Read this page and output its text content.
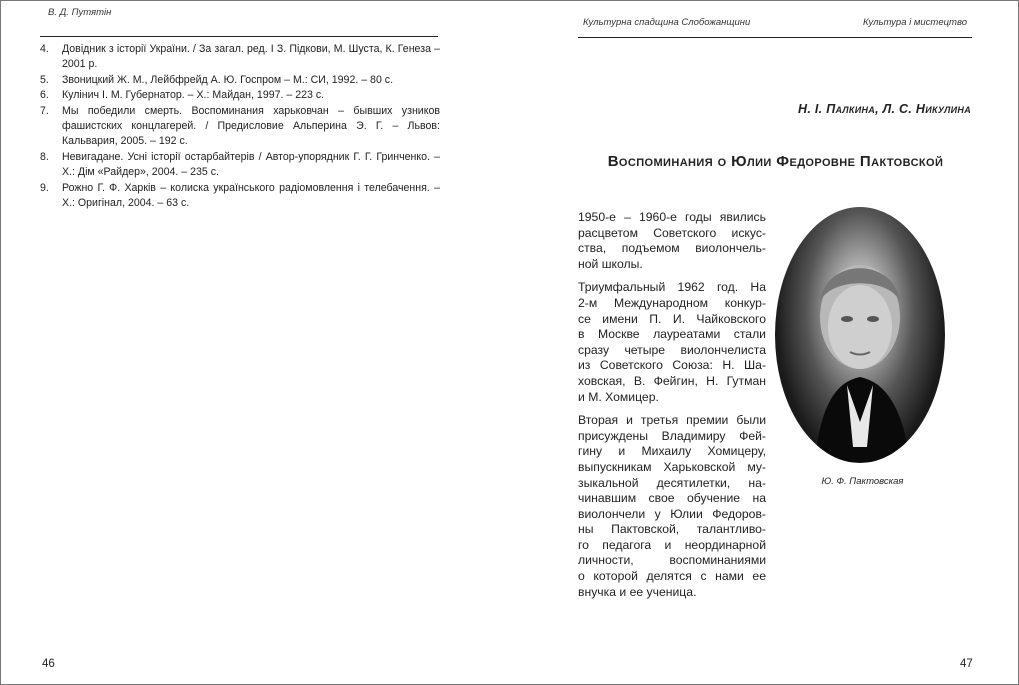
В. Д. Путятін
4.	Довідник з історії України. / За загал. ред. І З. Підкови, М. Шуста, К. Генеза – 2001 р.
5.	Звоницкий Ж. М., Лейбфрейд А. Ю. Госпром – М.: СИ, 1992. – 80 с.
6.	Кулінич І. М. Губернатор. – Х.: Майдан, 1997. – 223 с.
7.	Мы победили смерть. Воспоминания харьковчан – бывших узников фашистских концлагерей. / Предисловие Альперина Э. Г. – Львов: Кальвария, 2005. – 192 с.
8.	Невигадане. Усні історії остарбайтерів / Автор-упорядник Г. Г. Гринченко. – Х.: Дім «Райдер», 2004. – 235 с.
9.	Рожно Г. Ф. Харків – колиска українського радіомовлення і телебачення. – Х.: Оригінал, 2004. – 63 с.
46
Культурна спадщина Слобожанщини	Культура і мистецтво
Н. І. Палкина, Л. С. Никулина
Воспоминания о Юлии Федоровне Пактовской

1950-е – 1960-е годы явились
расцветом Советского искус-
ства, подъемом виолончель-
ной школы.

Триумфальный 1962 год. На
2-м Международном конкур-
се имени П. И. Чайковского
в Москве лауреатами стали
сразу четыре виолончелиста
из Советского Союза: Н. Ша-
ховская, В. Фейгин, Н. Гутман
и М. Хомицер.

Вторая и третья премии были
присуждены Владимиру Фей-
гину и Михаилу Хомицеру,
выпускникам Харьковской му-
зыкальной десятилетки, на-
чинавшим свое обучение на
виолончели у Юлии Федоров-
ны Пактовской, талантливо-
го педагога и неординарной
личности, воспоминаниями
о которой делятся с нами ее
внучка и ее ученица.

Ю. Ф. Пактовская
47
